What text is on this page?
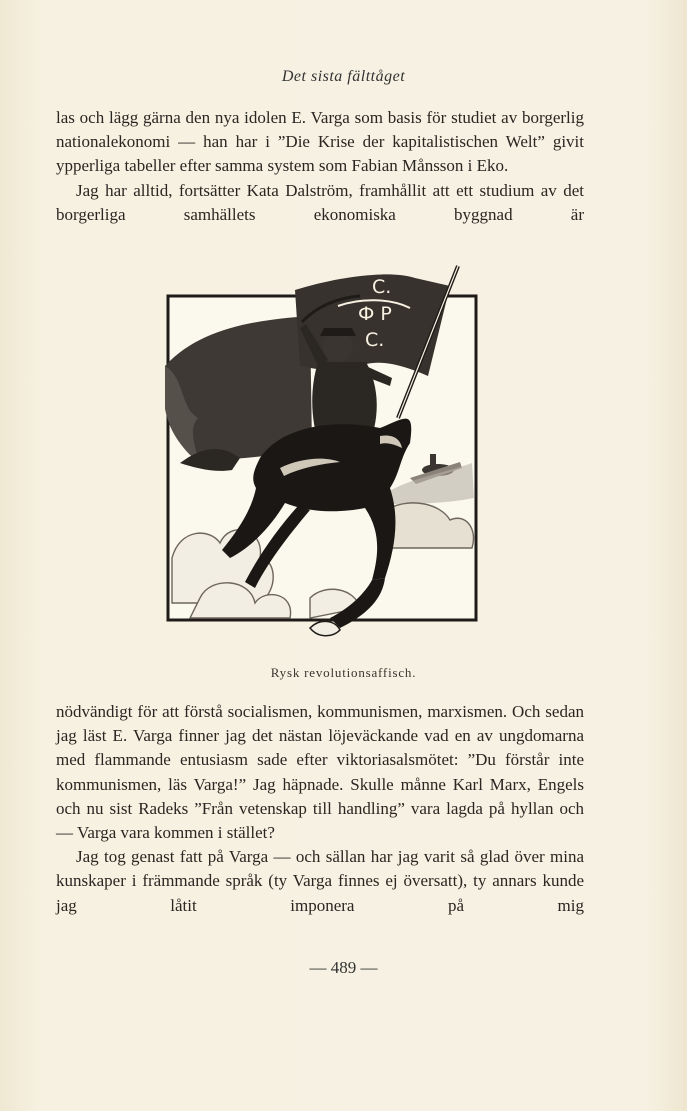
Det sista fälttåget

las och lägg gärna den nya idolen E. Varga som basis för studiet av borgerlig nationalekonomi — han har i ”Die Krise der kapitalistischen Welt” givit ypperliga tabeller efter samma system som Fabian Månsson i Eko.

Jag har alltid, fortsätter Kata Dalström, framhållit att ett studium av det borgerliga samhällets ekonomiska byggnad är

С.
Ф Р
С.
Rysk revolutionsaffisch.

nödvändigt för att förstå socialismen, kommunismen, marxismen. Och sedan jag läst E. Varga finner jag det nästan löjeväckande vad en av ungdomarna med flammande entusiasm sade efter viktoriasalsmötet: ”Du förstår inte kommunismen, läs Varga!” Jag häpnade. Skulle månne Karl Marx, Engels och nu sist Radeks ”Från vetenskap till handling” vara lagda på hyllan och — Varga vara kommen i stället?

Jag tog genast fatt på Varga — och sällan har jag varit så glad över mina kunskaper i främmande språk (ty Varga finnes ej översatt), ty annars kunde jag låtit imponera på mig

— 489 —
